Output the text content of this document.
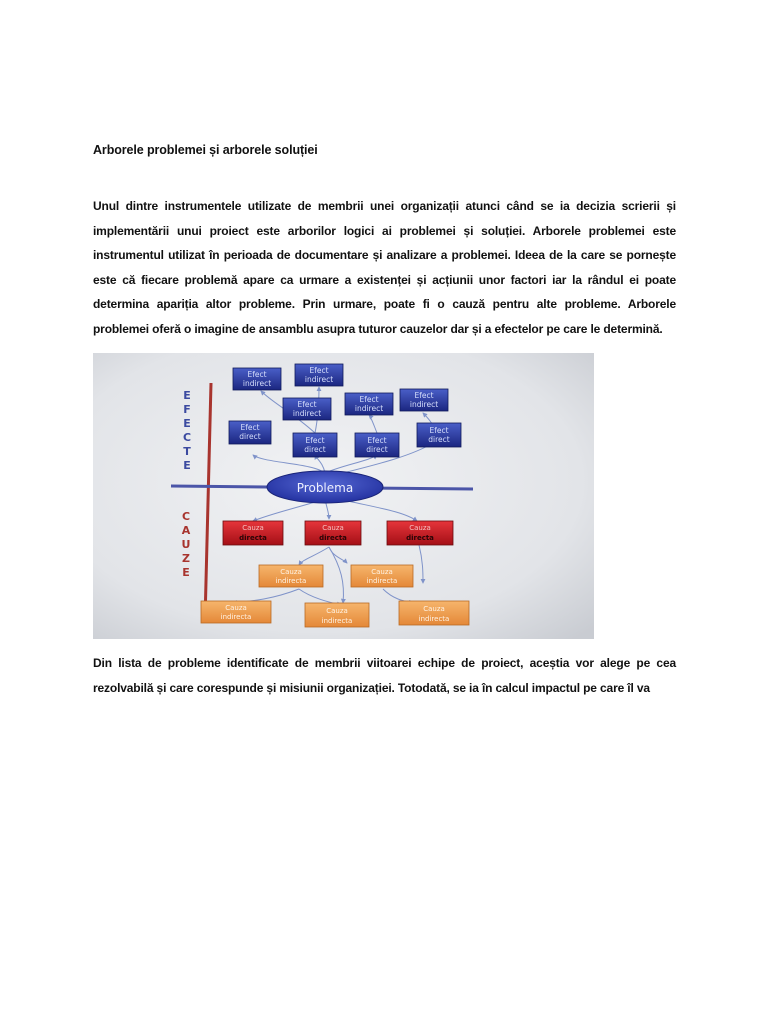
Arborele problemei și arborele soluției
Unul dintre instrumentele utilizate de membrii unei organizații atunci când se ia decizia scrierii și implementării unui proiect este arborilor logici ai problemei și soluției. Arborele problemei este instrumentul utilizat în perioada de documentare și analizare a problemei. Ideea de la care se pornește este că fiecare problemă apare ca urmare a existenței și acțiunii unor factori iar la rândul ei poate determina apariția altor probleme. Prin urmare, poate fi o cauză pentru alte probleme. Arborele problemei oferă o imagine de ansamblu asupra tuturor cauzelor dar și a efectelor pe care le determină.
E
F
E
C
T
E
C
A
U
Z
E
Efect
indirect
Efect
indirect
Efect
indirect
Efect
indirect
Efect
indirect
Efect
direct	Efect
direct
Efect
direct
Efect
direct
Problema
Cauza
directa
Cauza
directa
Cauza
directa
Cauza
indirecta
Cauza
indirecta
Cauza
indirecta
Cauza
indirecta
Cauza
indirecta
Din lista de probleme identificate de membrii viitoarei echipe de proiect, aceștia vor alege pe cea rezolvabilă și care corespunde și misiunii organizației. Totodată, se ia în calcul impactul pe care îl va
